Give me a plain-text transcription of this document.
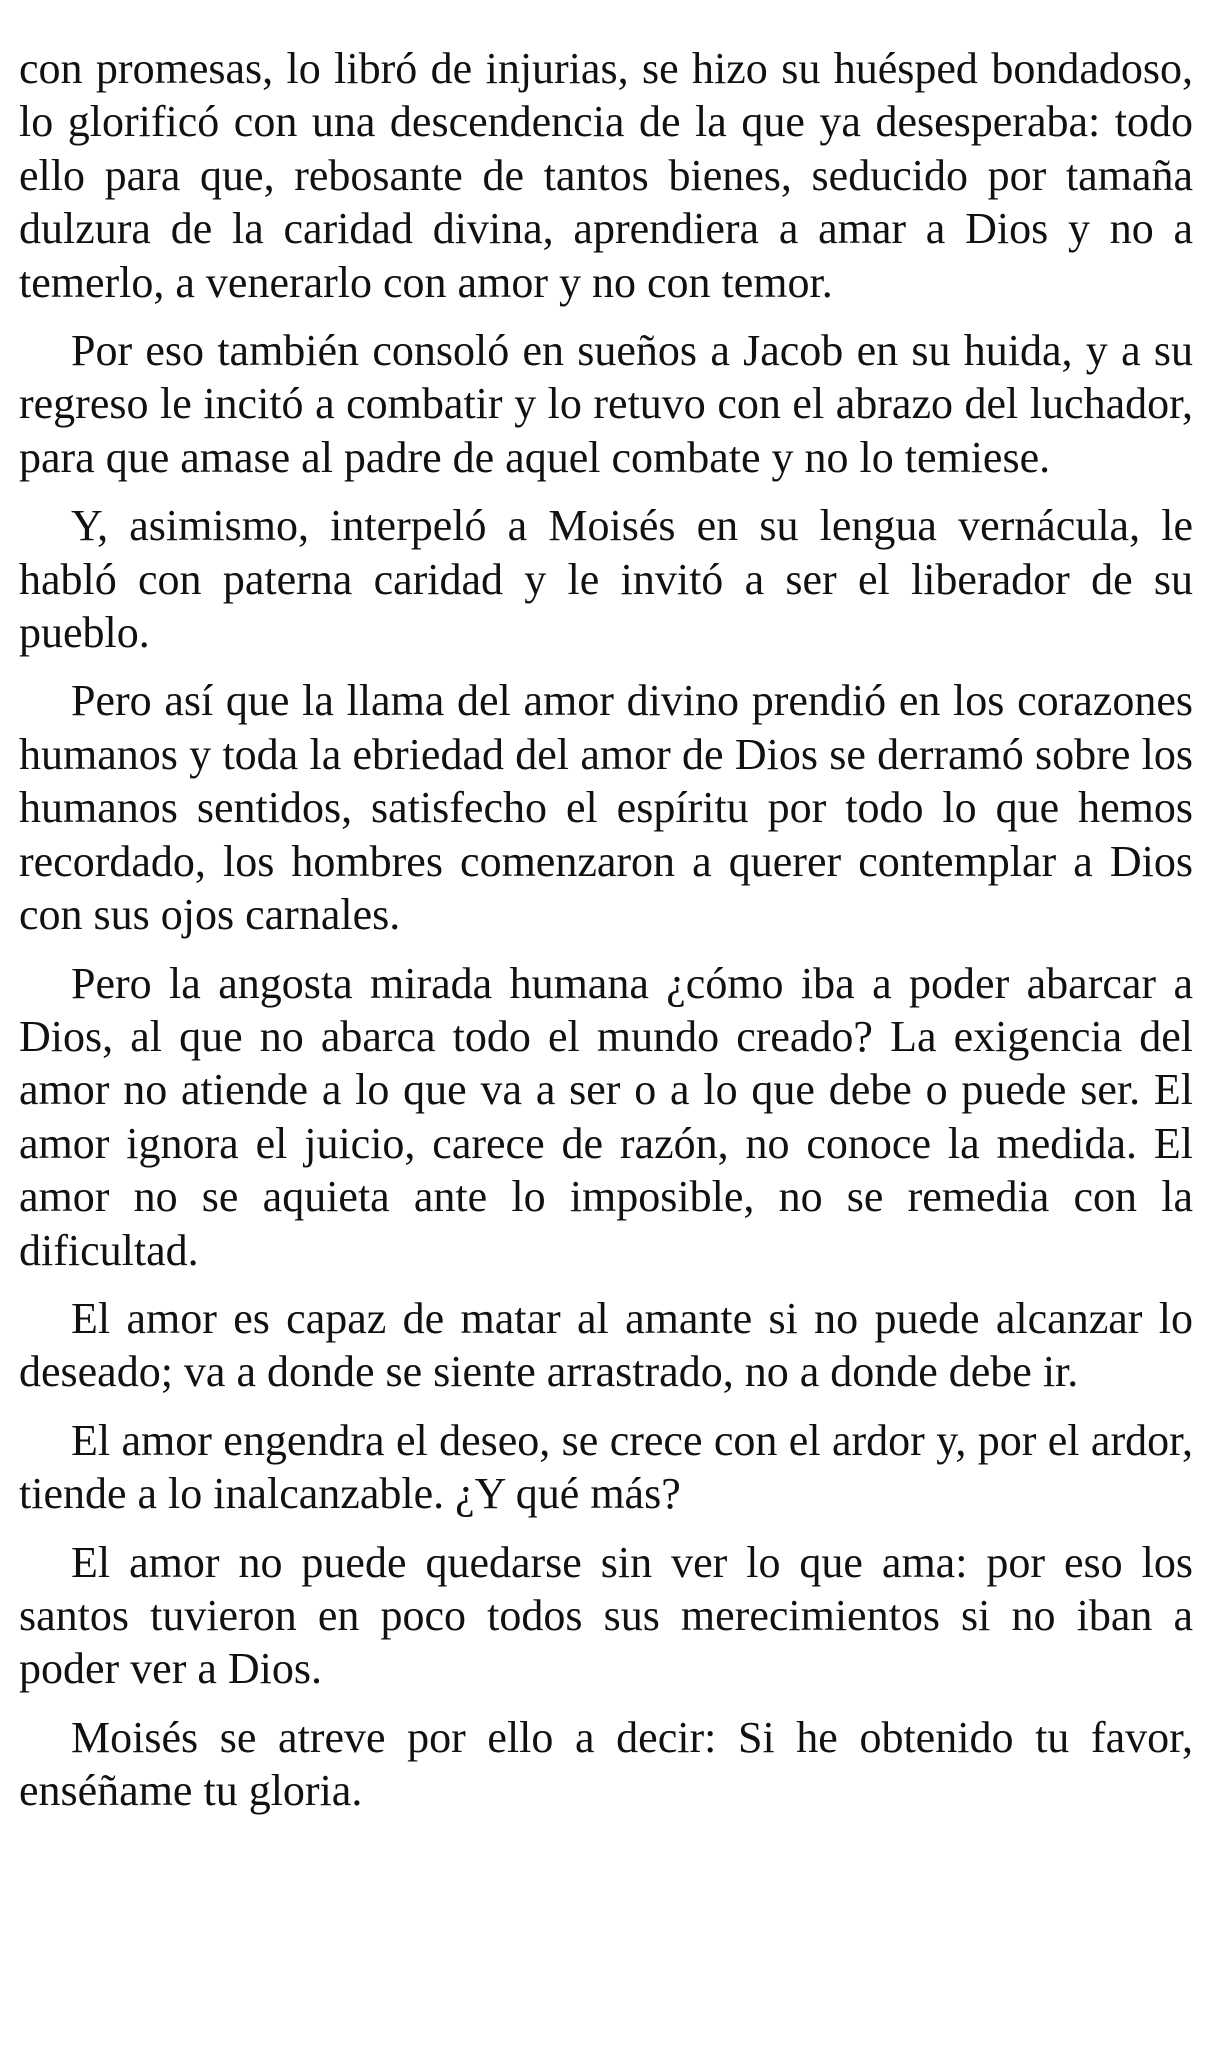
con promesas, lo libró de injurias, se hizo su huésped bondadoso, lo glorificó con una descendencia de la que ya desesperaba: todo ello para que, rebosante de tantos bienes, seducido por tamaña dulzura de la caridad divina, aprendiera a amar a Dios y no a temerlo, a venerarlo con amor y no con temor.

Por eso también consoló en sueños a Jacob en su huida, y a su regreso le incitó a combatir y lo retuvo con el abrazo del luchador, para que amase al padre de aquel combate y no lo temiese.

Y, asimismo, interpeló a Moisés en su lengua vernácula, le habló con paterna caridad y le invitó a ser el liberador de su pueblo.

Pero así que la llama del amor divino prendió en los corazones humanos y toda la ebriedad del amor de Dios se derramó sobre los humanos sentidos, satisfecho el espíritu por todo lo que hemos recordado, los hombres comenzaron a querer contemplar a Dios con sus ojos carnales.

Pero la angosta mirada humana ¿cómo iba a poder abarcar a Dios, al que no abarca todo el mundo creado? La exigencia del amor no atiende a lo que va a ser o a lo que debe o puede ser. El amor ignora el juicio, carece de razón, no conoce la medida. El amor no se aquieta ante lo imposible, no se remedia con la dificultad.

El amor es capaz de matar al amante si no puede alcanzar lo deseado; va a donde se siente arrastrado, no a donde debe ir.

El amor engendra el deseo, se crece con el ardor y, por el ardor, tiende a lo inalcanzable. ¿Y qué más?

El amor no puede quedarse sin ver lo que ama: por eso los santos tuvieron en poco todos sus merecimientos si no iban a poder ver a Dios.

Moisés se atreve por ello a decir: Si he obtenido tu favor, enséñame tu gloria.
